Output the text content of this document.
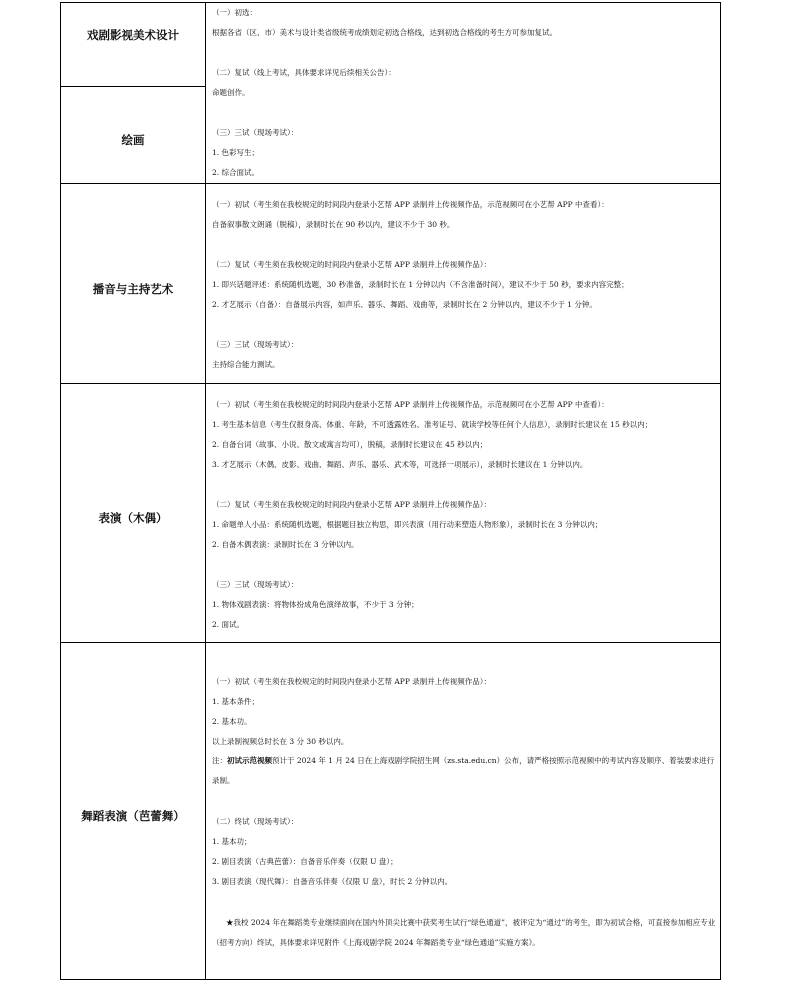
戏剧影视美术设计
绘画
（一）初选：
根据各省（区、市）美术与设计类省级统考成绩划定初选合格线，达到初选合格线的考生方可参加复试。
（二）复试（线上考试，具体要求详见后续相关公告）：
命题创作。
（三）三试（现场考试）：
1. 色彩写生；
2. 综合面试。
播音与主持艺术
（一）初试（考生须在我校规定的时间段内登录小艺帮 APP 录制并上传视频作品，示范视频可在小艺帮 APP 中查看）：
自备叙事散文朗诵（脱稿），录制时长在 90 秒以内，建议不少于 30 秒。
（二）复试（考生须在我校规定的时间段内登录小艺帮 APP 录制并上传视频作品）：
1. 即兴话题评述：系统随机选题，30 秒准备，录制时长在 1 分钟以内（不含准备时间），建议不少于 50 秒，要求内容完整；
2. 才艺展示（自备）：自备展示内容，如声乐、器乐、舞蹈、戏曲等，录制时长在 2 分钟以内，建议不少于 1 分钟。
（三）三试（现场考试）：
主持综合能力测试。
表演（木偶）
（一）初试（考生须在我校规定的时间段内登录小艺帮 APP 录制并上传视频作品，示范视频可在小艺帮 APP 中查看）：
1. 考生基本信息（考生仅报身高、体重、年龄，不可透露姓名、准考证号、就读学校等任何个人信息），录制时长建议在 15 秒以内；
2. 自备台词（故事、小说、散文或寓言均可），脱稿，录制时长建议在 45 秒以内；
3. 才艺展示（木偶、皮影、戏曲、舞蹈、声乐、器乐、武术等，可选择一项展示），录制时长建议在 1 分钟以内。
（二）复试（考生须在我校规定的时间段内登录小艺帮 APP 录制并上传视频作品）：
1. 命题单人小品：系统随机选题，根据题目独立构思，即兴表演（用行动来塑造人物形象），录制时长在 3 分钟以内；
2. 自备木偶表演：录制时长在 3 分钟以内。
（三）三试（现场考试）：
1. 物体戏剧表演：将物体扮成角色演绎故事，不少于 3 分钟；
2. 面试。
舞蹈表演（芭蕾舞）
（一）初试（考生须在我校规定的时间段内登录小艺帮 APP 录制并上传视频作品）：
1. 基本条件；
2. 基本功。
以上录制视频总时长在 3 分 30 秒以内。
注：初试示范视频预计于 2024 年 1 月 24 日在上海戏剧学院招生网（zs.sta.edu.cn）公布，请严格按照示范视频中的考试内容及顺序、着装要求进行录制。
（二）终试（现场考试）：
1. 基本功；
2. 剧目表演（古典芭蕾）：自备音乐伴奏（仅限 U 盘）；
3. 剧目表演（现代舞）：自备音乐伴奏（仅限 U 盘），时长 2 分钟以内。
★我校 2024 年在舞蹈类专业继续面向在国内外顶尖比赛中获奖考生试行“绿色通道”，被评定为“通过”的考生，即为初试合格，可直接参加相应专业（招考方向）终试，具体要求详见附件《上海戏剧学院 2024 年舞蹈类专业“绿色通道”实施方案》。
